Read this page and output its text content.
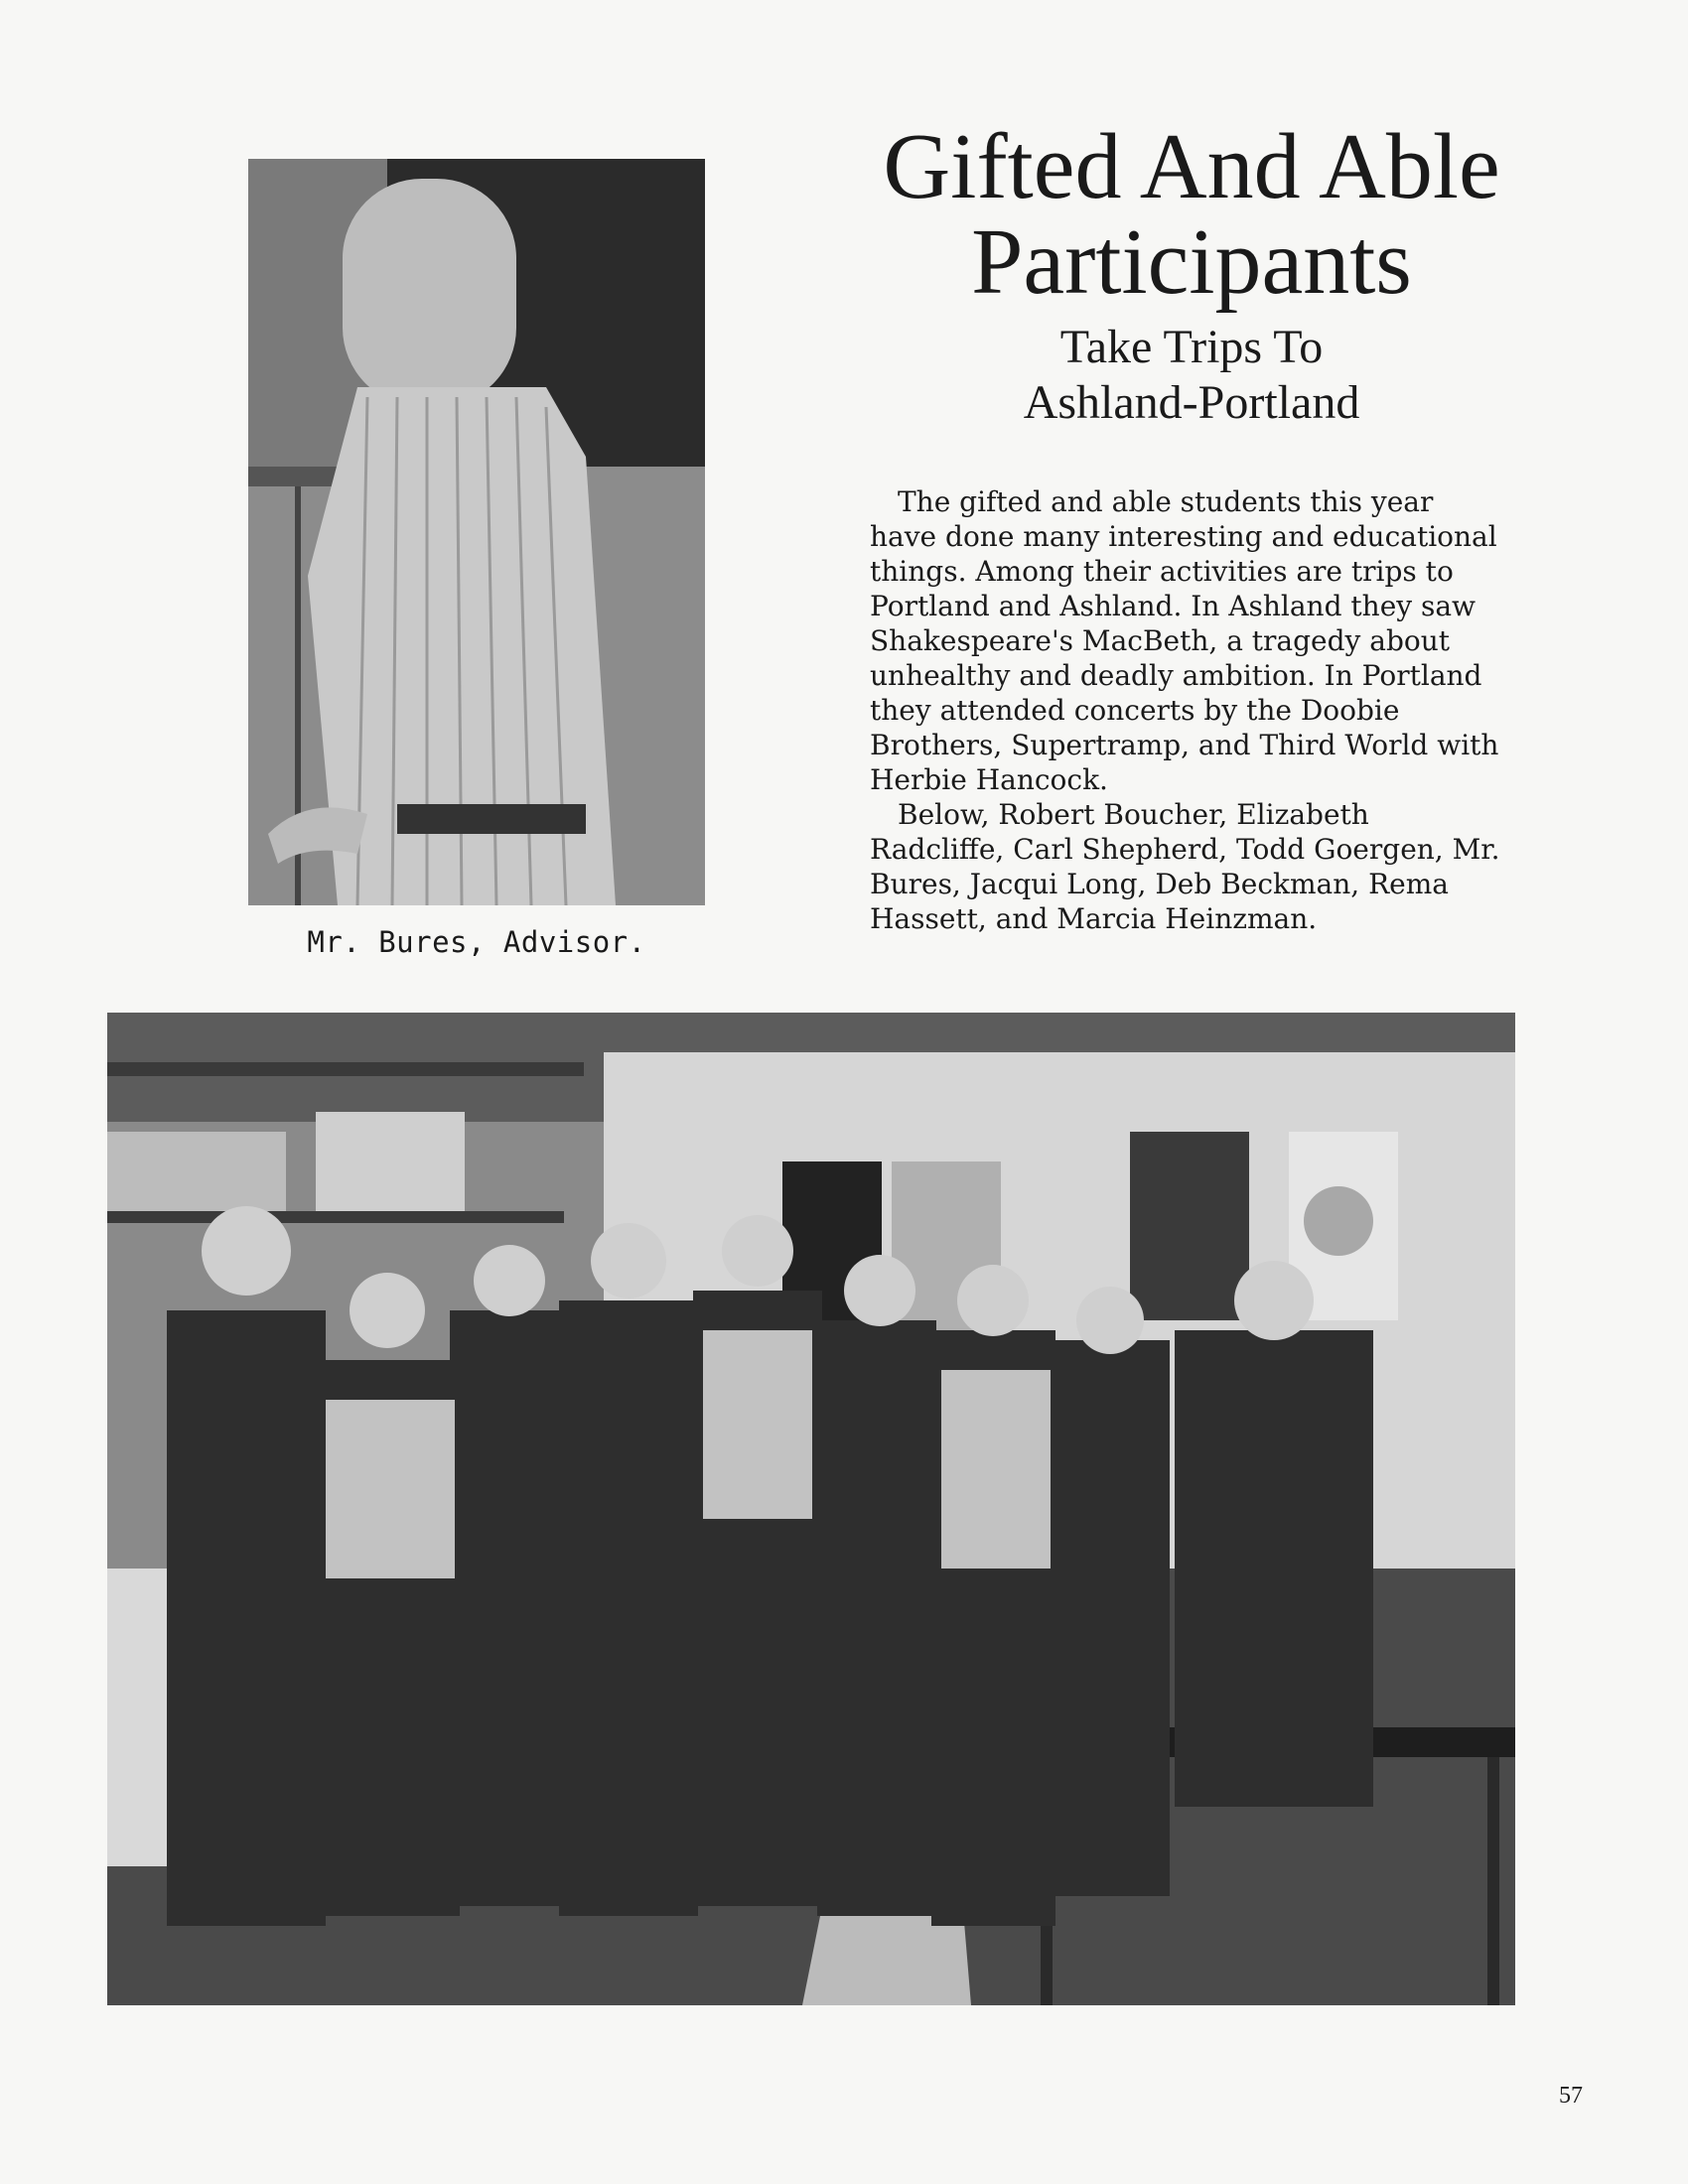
Mr. Bures, Advisor.
Gifted And Able
Participants
Take Trips To
Ashland-Portland

The gifted and able students this year have done many interesting and educational things. Among their activities are trips to Portland and Ashland. In Ashland they saw Shakespeare's MacBeth, a tragedy about unhealthy and deadly ambition. In Portland they attended concerts by the Doobie Brothers, Supertramp, and Third World with Herbie Hancock.

Below, Robert Boucher, Elizabeth Radcliffe, Carl Shepherd, Todd Goergen, Mr. Bures, Jacqui Long, Deb Beckman, Rema Hassett, and Marcia Heinzman.

57
